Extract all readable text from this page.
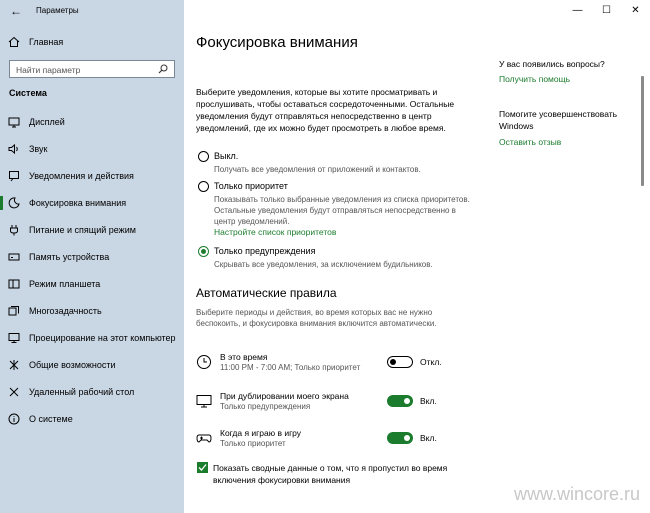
← Параметры
Главная
Найти параметр
Система
Дисплей
Звук
Уведомления и действия
Фокусировка внимания
Питание и спящий режим
Память устройства
Режим планшета
Многозадачность
Проецирование на этот компьютер
Общие возможности
Удаленный рабочий стол
О системе
—	☐	✕
Фокусировка внимания
Выберите уведомления, которые вы хотите просматривать и прослушивать, чтобы оставаться сосредоточенными. Остальные уведомления будут отправляться непосредственно в центр уведомлений, где их можно будет просмотреть в любое время.
Выкл.
Получать все уведомления от приложений и контактов.
Только приоритет
Показывать только выбранные уведомления из списка приоритетов. Остальные уведомления будут отправляться непосредственно в центр уведомлений.
Настройте список приоритетов
Только предупреждения
Скрывать все уведомления, за исключением будильников.
Автоматические правила
Выберите периоды и действия, во время которых вас не нужно беспокоить, и фокусировка внимания включится автоматически.
В это время
11:00 PM - 7:00 AM; Только приоритет
Откл.
При дублировании моего экрана
Только предупреждения
Вкл.
Когда я играю в игру
Только приоритет
Вкл.
Показать сводные данные о том, что я пропустил во время включения фокусировки внимания
У вас появились вопросы?
Получить помощь
Помогите усовершенствовать Windows
Оставить отзыв
www.wincore.ru
